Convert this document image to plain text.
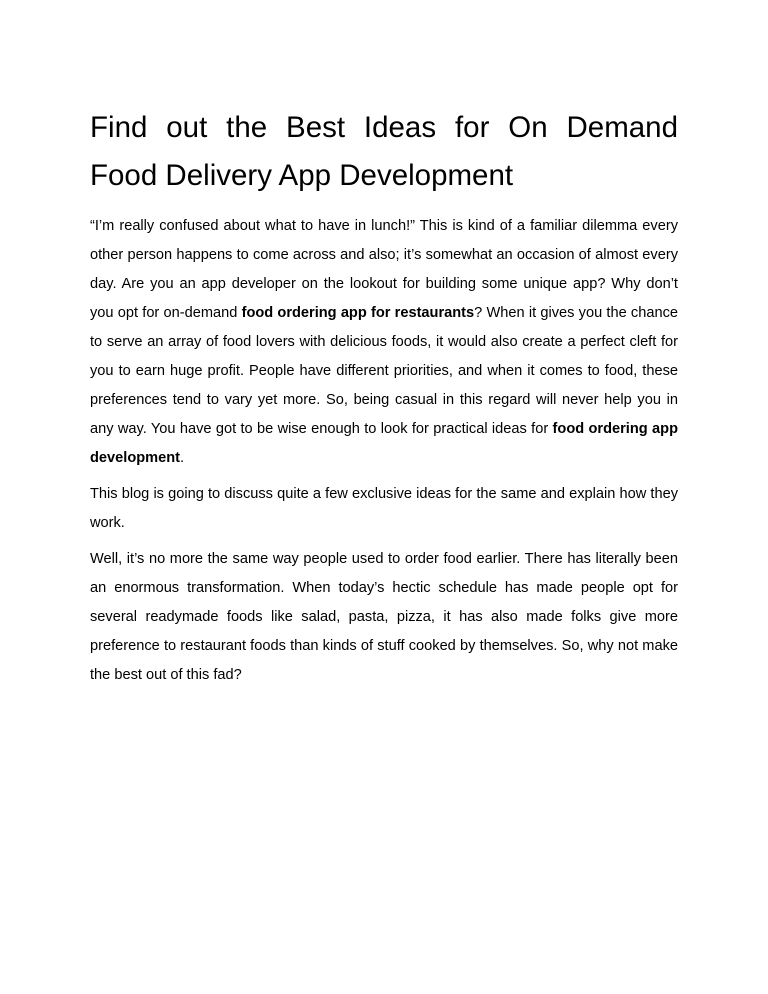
Find out the Best Ideas for On Demand Food Delivery App Development

“I’m really confused about what to have in lunch!” This is kind of a familiar dilemma every other person happens to come across and also; it’s somewhat an occasion of almost every day. Are you an app developer on the lookout for building some unique app? Why don’t you opt for on-demand food ordering app for restaurants? When it gives you the chance to serve an array of food lovers with delicious foods, it would also create a perfect cleft for you to earn huge profit. People have different priorities, and when it comes to food, these preferences tend to vary yet more. So, being casual in this regard will never help you in any way. You have got to be wise enough to look for practical ideas for food ordering app development.

This blog is going to discuss quite a few exclusive ideas for the same and explain how they work.

Well, it’s no more the same way people used to order food earlier. There has literally been an enormous transformation. When today’s hectic schedule has made people opt for several readymade foods like salad, pasta, pizza, it has also made folks give more preference to restaurant foods than kinds of stuff cooked by themselves. So, why not make the best out of this fad?
